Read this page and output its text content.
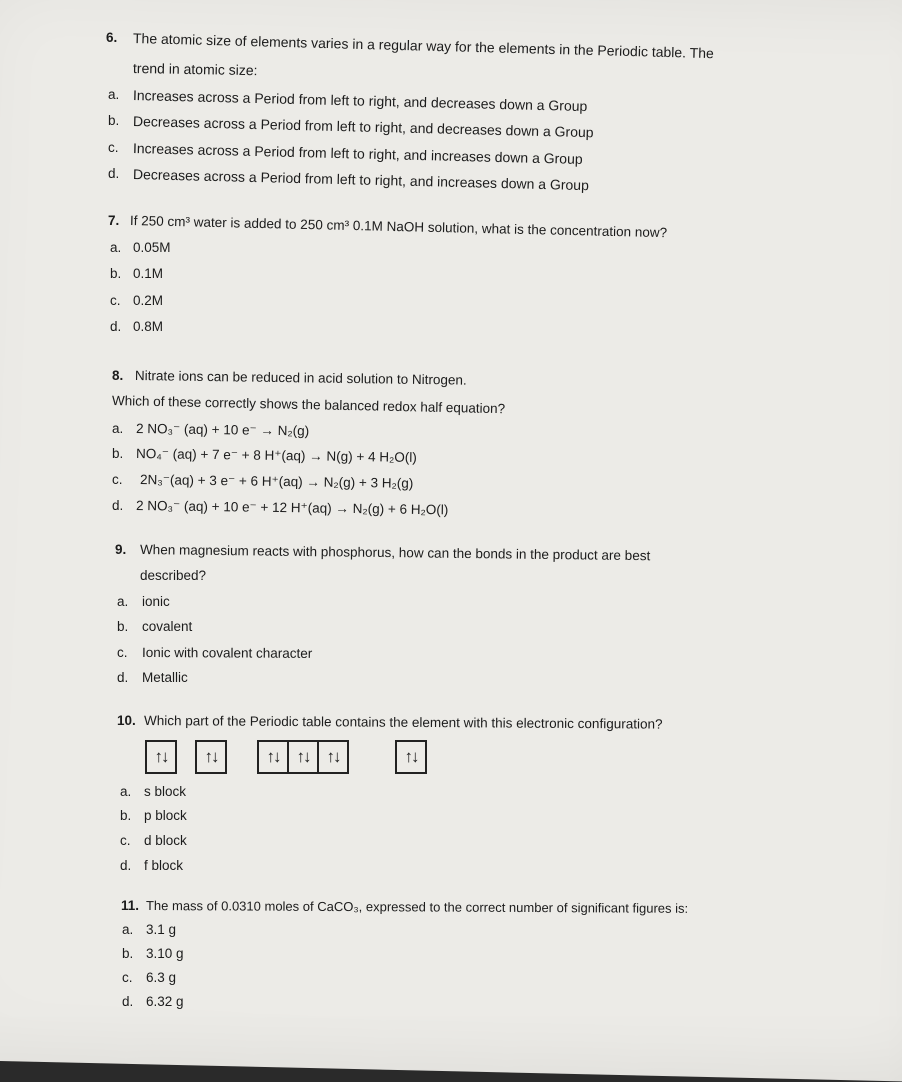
6. The atomic size of elements varies in a regular way for the elements in the Periodic table. The
trend in atomic size:
a. Increases across a Period from left to right, and decreases down a Group
b. Decreases across a Period from left to right, and decreases down a Group
c. Increases across a Period from left to right, and increases down a Group
d. Decreases across a Period from left to right, and increases down a Group
7. If 250 cm³ water is added to 250 cm³ 0.1M NaOH solution, what is the concentration now?
a. 0.05M
b. 0.1M
c. 0.2M
d. 0.8M
8. Nitrate ions can be reduced in acid solution to Nitrogen.
Which of these correctly shows the balanced redox half equation?
a. 2 NO₃⁻ (aq) + 10 e⁻ → N₂(g)
b. NO₄⁻ (aq) + 7 e⁻ + 8 H⁺(aq) → N(g) + 4 H₂O(l)
c. 2N₃⁻(aq) + 3 e⁻ + 6 H⁺(aq) → N₂(g) + 3 H₂(g)
d. 2 NO₃⁻ (aq) + 10 e⁻ + 12 H⁺(aq) → N₂(g) + 6 H₂O(l)
9. When magnesium reacts with phosphorus, how can the bonds in the product are best
described?
a. ionic
b. covalent
c. Ionic with covalent character
d. Metallic
10. Which part of the Periodic table contains the element with this electronic configuration?
↑↓	↑↓	↑↓	↑↓	↑↓	↑↓
a. s block
b. p block
c. d block
d. f block
11. The mass of 0.0310 moles of CaCO₃, expressed to the correct number of significant figures is:
a. 3.1 g
b. 3.10 g
c. 6.3 g
d. 6.32 g
